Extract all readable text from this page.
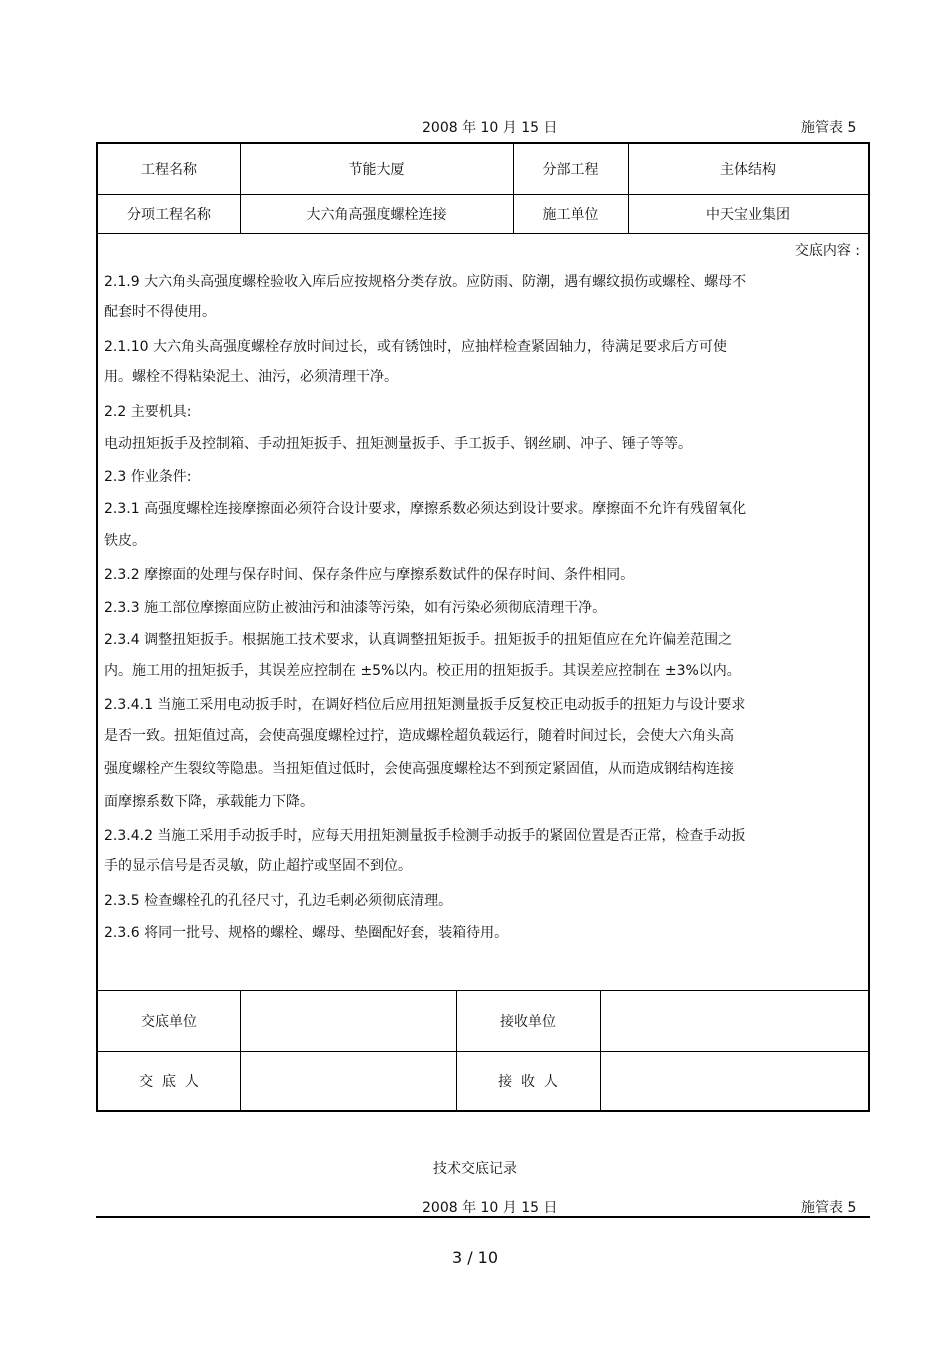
2008 年 10 月 15 日	施管表 5
工程名称	节能大厦	分部工程	主体结构
分项工程名称	大六角高强度螺栓连接	施工单位	中天宝业集团
交底内容 :
2.1.9 大六角头高强度螺栓验收入库后应按规格分类存放。应防雨、防潮，遇有螺纹损伤或螺栓、螺母不
配套时不得使用。
2.1.10 大六角头高强度螺栓存放时间过长，或有锈蚀时，应抽样检查紧固轴力，待满足要求后方可使
用。螺栓不得粘染泥土、油污，必须清理干净。
2.2 主要机具:
电动扭矩扳手及控制箱、手动扭矩扳手、扭矩测量扳手、手工扳手、钢丝刷、冲子、锤子等等。
2.3 作业条件:
2.3.1 高强度螺栓连接摩擦面必须符合设计要求，摩擦系数必须达到设计要求。摩擦面不允许有残留氧化
铁皮。
2.3.2 摩擦面的处理与保存时间、保存条件应与摩擦系数试件的保存时间、条件相同。
2.3.3 施工部位摩擦面应防止被油污和油漆等污染，如有污染必须彻底清理干净。
2.3.4 调整扭矩扳手。根据施工技术要求，认真调整扭矩扳手。扭矩扳手的扭矩值应在允许偏差范围之
内。施工用的扭矩扳手，其误差应控制在 ±5%以内。校正用的扭矩扳手。其误差应控制在 ±3%以内。
2.3.4.1 当施工采用电动扳手时，在调好档位后应用扭矩测量扳手反复校正电动扳手的扭矩力与设计要求
是否一致。扭矩值过高，会使高强度螺栓过拧，造成螺栓超负载运行，随着时间过长，会使大六角头高
强度螺栓产生裂纹等隐患。当扭矩值过低时，会使高强度螺栓达不到预定紧固值，从而造成钢结构连接
面摩擦系数下降，承载能力下降。
2.3.4.2 当施工采用手动扳手时，应每天用扭矩测量扳手检测手动扳手的紧固位置是否正常，检查手动扳
手的显示信号是否灵敏，防止超拧或坚固不到位。
2.3.5 检查螺栓孔的孔径尺寸，孔边毛刺必须彻底清理。
2.3.6 将同一批号、规格的螺栓、螺母、垫圈配好套，装箱待用。
交底单位	接收单位
交  底  人	接  收  人
技术交底记录
2008 年 10 月 15 日	施管表 5
3 / 10
